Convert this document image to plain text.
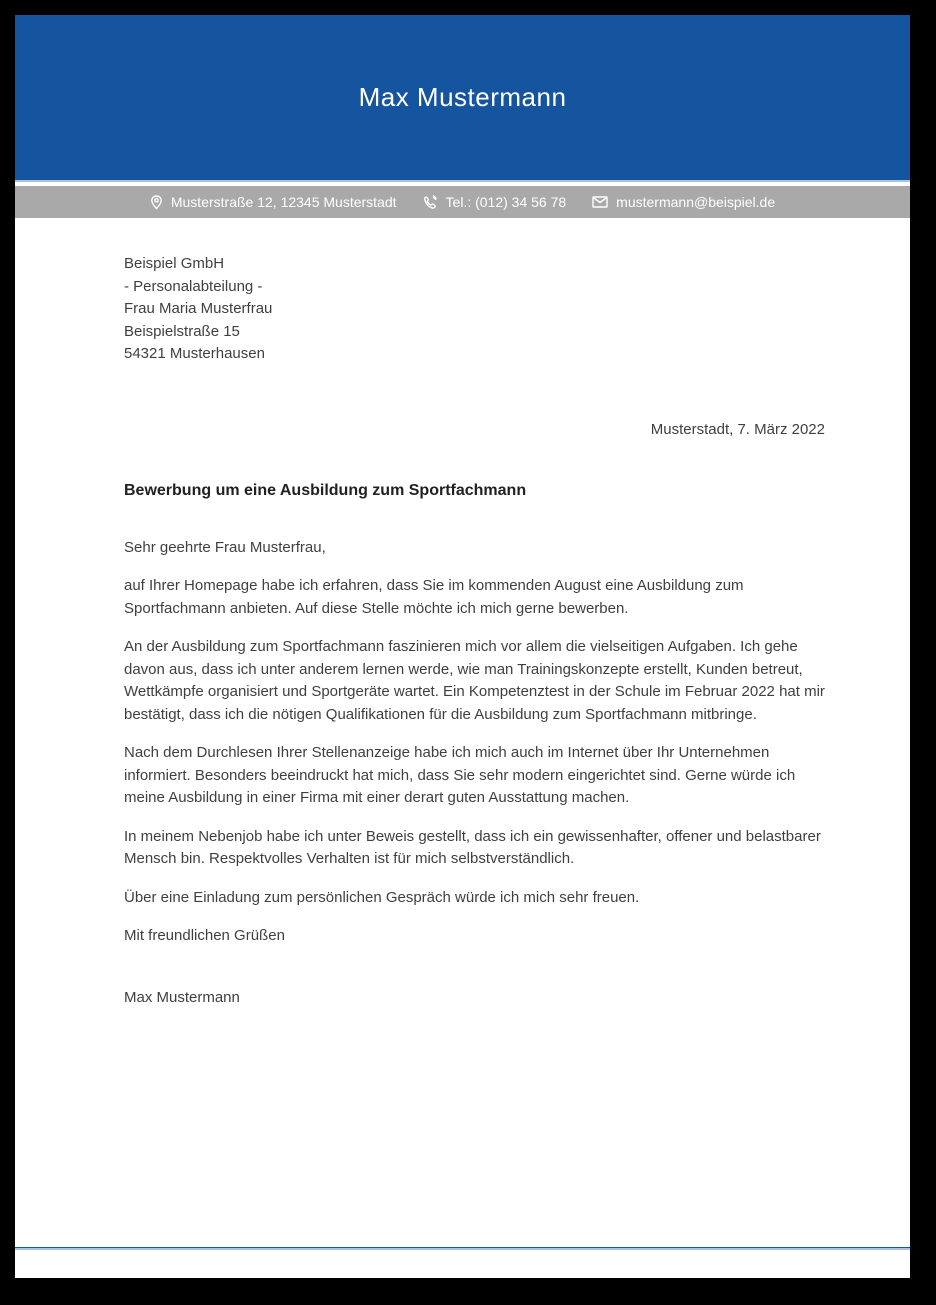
Max Mustermann
Musterstraße 12, 12345 Musterstadt	Tel.: (012) 34 56 78	mustermann@beispiel.de
Beispiel GmbH
- Personalabteilung -
Frau Maria Musterfrau
Beispielstraße 15
54321 Musterhausen
Musterstadt, 7. März 2022
Bewerbung um eine Ausbildung zum Sportfachmann
Sehr geehrte Frau Musterfrau,

auf Ihrer Homepage habe ich erfahren, dass Sie im kommenden August eine Ausbildung zum Sportfachmann anbieten. Auf diese Stelle möchte ich mich gerne bewerben.

An der Ausbildung zum Sportfachmann faszinieren mich vor allem die vielseitigen Aufgaben. Ich gehe davon aus, dass ich unter anderem lernen werde, wie man Trainingskonzepte erstellt, Kunden betreut, Wettkämpfe organisiert und Sportgeräte wartet. Ein Kompetenztest in der Schule im Februar 2022 hat mir bestätigt, dass ich die nötigen Qualifikationen für die Ausbildung zum Sportfachmann mitbringe.

Nach dem Durchlesen Ihrer Stellenanzeige habe ich mich auch im Internet über Ihr Unternehmen informiert. Besonders beeindruckt hat mich, dass Sie sehr modern eingerichtet sind. Gerne würde ich meine Ausbildung in einer Firma mit einer derart guten Ausstattung machen.

In meinem Nebenjob habe ich unter Beweis gestellt, dass ich ein gewissenhafter, offener und belastbarer Mensch bin. Respektvolles Verhalten ist für mich selbstverständlich.

Über eine Einladung zum persönlichen Gespräch würde ich mich sehr freuen.

Mit freundlichen Grüßen
Max Mustermann
